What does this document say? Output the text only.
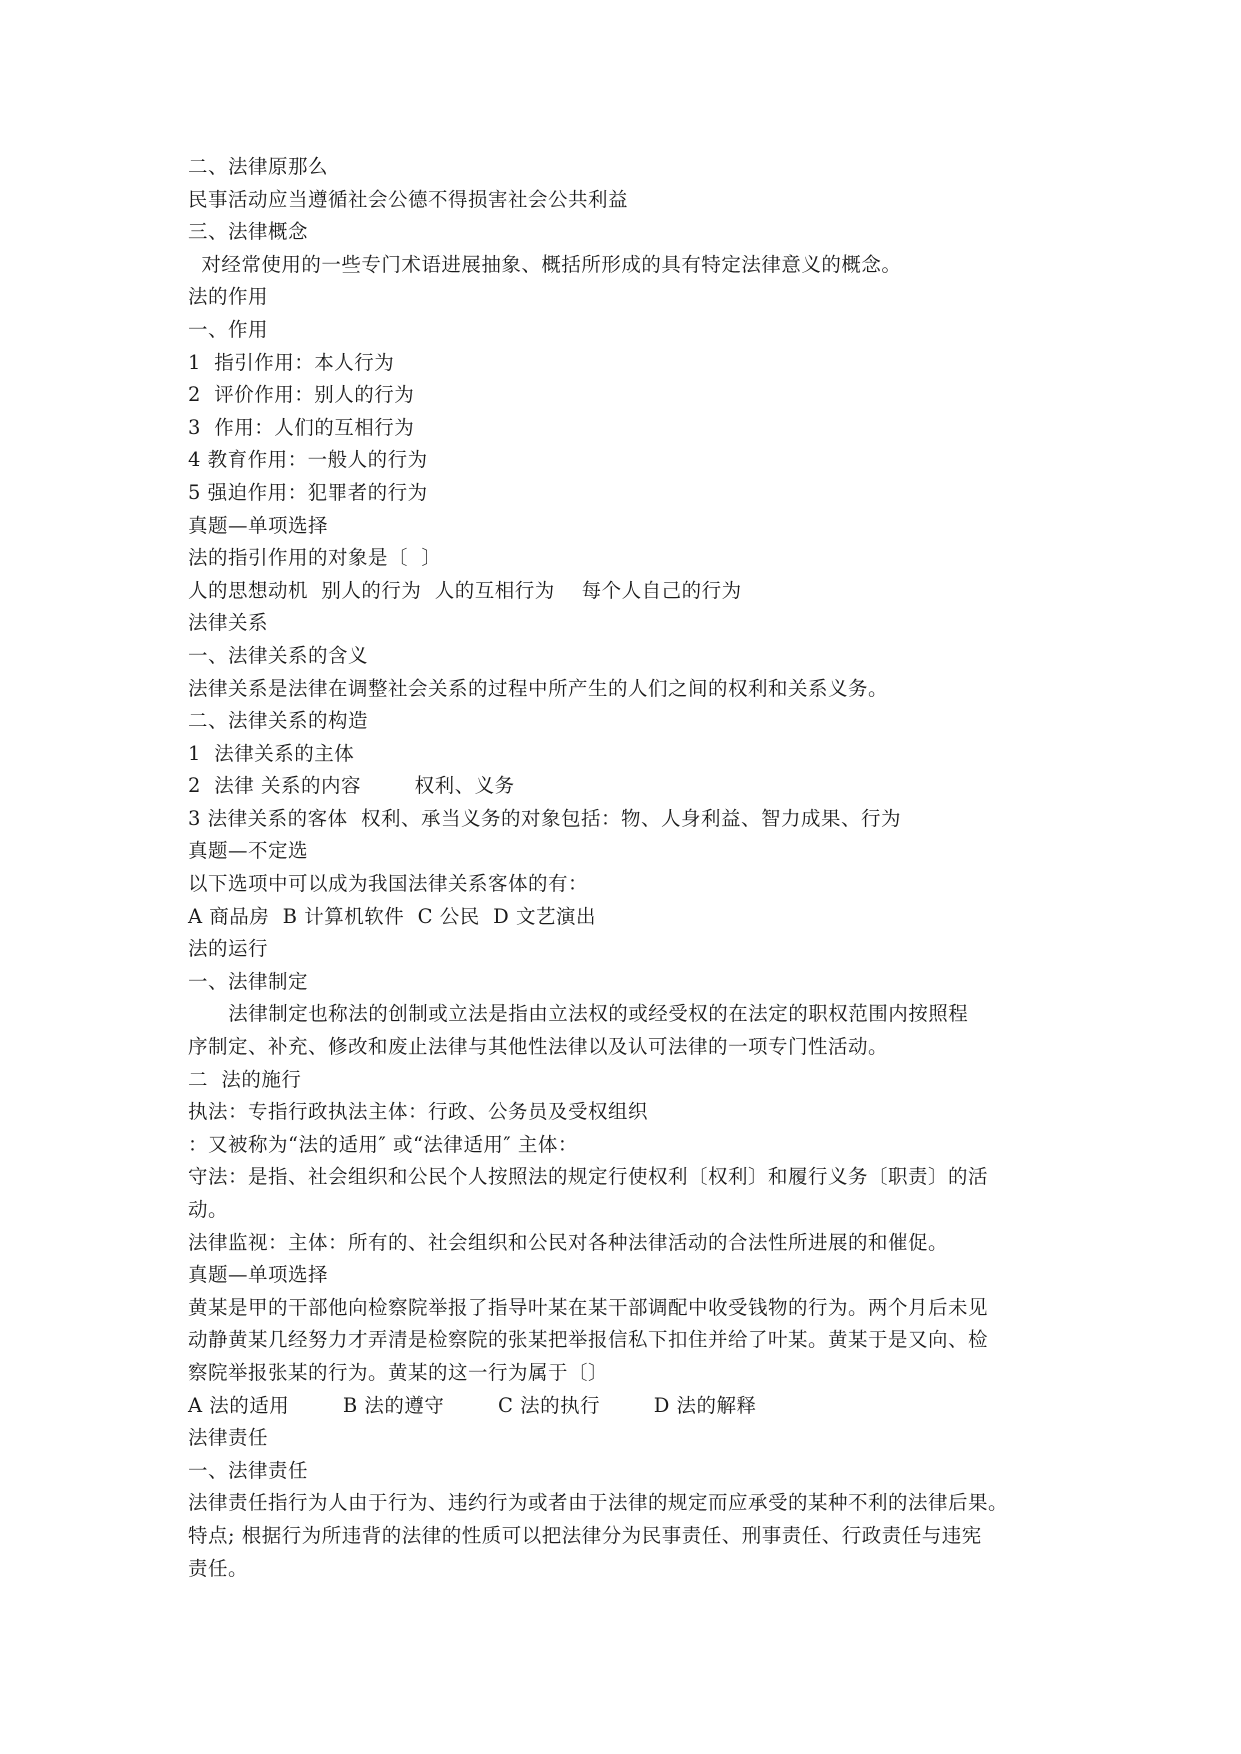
二、法律原那么
民事活动应当遵循社会公德不得损害社会公共利益
三、法律概念
对经常使用的一些专门术语进展抽象、概括所形成的具有特定法律意义的概念。
法的作用
一、作用
1  指引作用：本人行为
2  评价作用：别人的行为
3  作用：人们的互相行为
4 教育作用：一般人的行为
5 强迫作用：犯罪者的行为
真题—单项选择
法的指引作用的对象是〔  〕
人的思想动机  别人的行为  人的互相行为    每个人自己的行为
法律关系
一、法律关系的含义
法律关系是法律在调整社会关系的过程中所产生的人们之间的权利和关系义务。
二、法律关系的构造
1  法律关系的主体
2  法律 关系的内容        权利、义务
3 法律关系的客体  权利、承当义务的对象包括：物、人身利益、智力成果、行为
真题—不定选
以下选项中可以成为我国法律关系客体的有：
A 商品房  B 计算机软件  C 公民  D 文艺演出
法的运行
一、法律制定
法律制定也称法的创制或立法是指由立法权的或经受权的在法定的职权范围内按照程
序制定、补充、修改和废止法律与其他性法律以及认可法律的一项专门性活动。
二  法的施行
执法：专指行政执法主体：行政、公务员及受权组织
：又被称为“法的适用″ 或“法律适用″ 主体：
守法：是指、社会组织和公民个人按照法的规定行使权利〔权利〕和履行义务〔职责〕的活
动。
法律监视：主体：所有的、社会组织和公民对各种法律活动的合法性所进展的和催促。
真题—单项选择
黄某是甲的干部他向检察院举报了指导叶某在某干部调配中收受钱物的行为。两个月后未见
动静黄某几经努力才弄清是检察院的张某把举报信私下扣住并给了叶某。黄某于是又向、检
察院举报张某的行为。黄某的这一行为属于〔〕
A 法的适用        B 法的遵守        C 法的执行        D 法的解释
法律责任
一、法律责任
法律责任指行为人由于行为、违约行为或者由于法律的规定而应承受的某种不利的法律后果。
特点; 根据行为所违背的法律的性质可以把法律分为民事责任、刑事责任、行政责任与违宪
责任。
